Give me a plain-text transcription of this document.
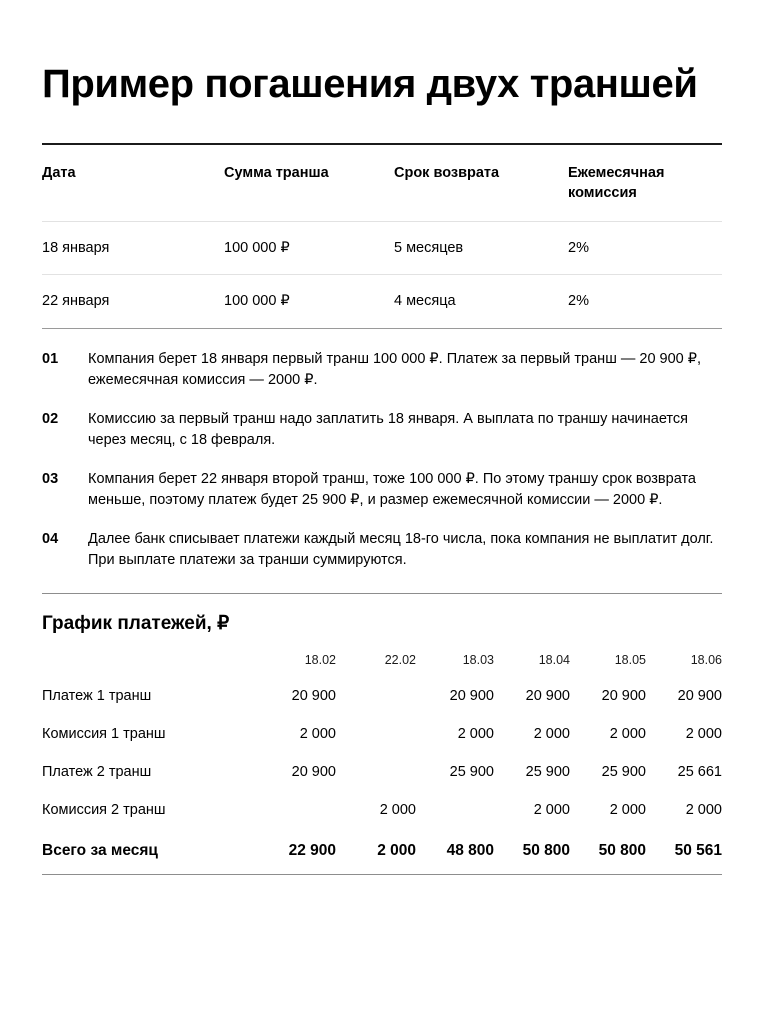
Пример погашения двух траншей
Дата	Сумма транша	Срок возврата	Ежемесячная комиссия
18 января	100 000 ₽	5 месяцев	2%
22 января	100 000 ₽	4 месяца	2%
01	Компания берет 18 января первый транш 100 000 ₽. Платеж за первый транш — 20 900 ₽, ежемесячная комиссия — 2000 ₽.
02	Комиссию за первый транш надо заплатить 18 января. А выплата по траншу начинается через месяц, с 18 февраля.
03	Компания берет 22 января второй транш, тоже 100 000 ₽. По этому траншу срок возврата меньше, поэтому платеж будет 25 900 ₽, и размер ежемесячной комиссии — 2000 ₽.
04	Далее банк списывает платежи каждый месяц 18-го числа, пока компания не выплатит долг. При выплате платежи за транши суммируются.
График платежей, ₽
	18.02	22.02	18.03	18.04	18.05	18.06
Платеж 1 транш	20 900		20 900	20 900	20 900	20 900
Комиссия 1 транш	2 000		2 000	2 000	2 000	2 000
Платеж 2 транш	20 900		25 900	25 900	25 900	25 661
Комиссия 2 транш		2 000		2 000	2 000	2 000
Всего за месяц	22 900	2 000	48 800	50 800	50 800	50 561
